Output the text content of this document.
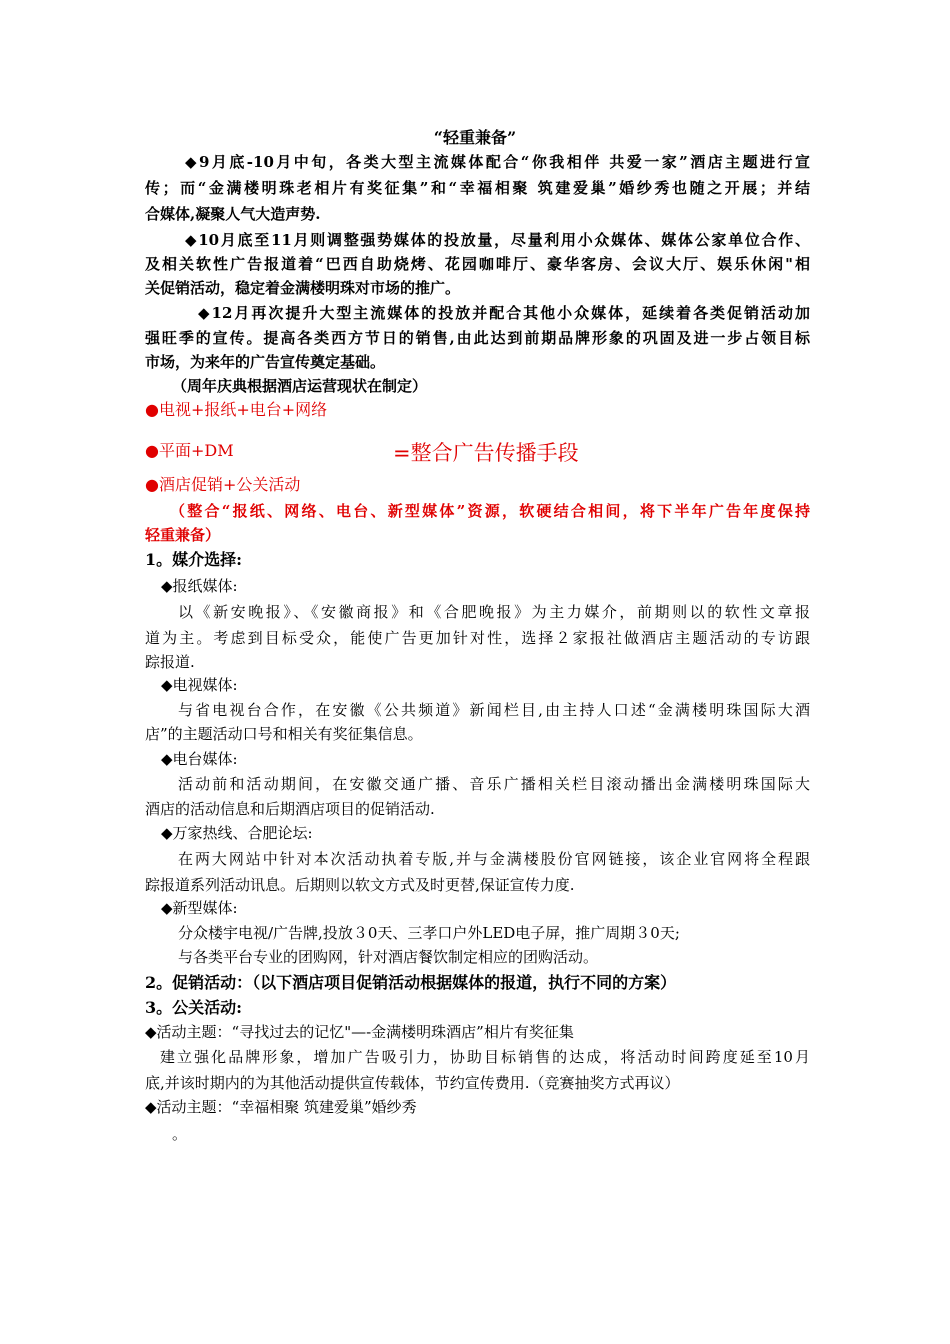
“轻重兼备”
◆9月底-10月中旬，各类大型主流媒体配合“你我相伴 共爱一家”酒店主题进行宣
传；而“金满楼明珠老相片有奖征集”和“幸福相聚 筑建爱巢”婚纱秀也随之开展；并结
合媒体,凝聚人气大造声势.
◆10月底至11月则调整强势媒体的投放量，尽量利用小众媒体、媒体公家单位合作、
及相关软性广告报道着“巴西自助烧烤、花园咖啡厅、豪华客房、会议大厅、娱乐休闲"相
关促销活动，稳定着金满楼明珠对市场的推广。
◆12月再次提升大型主流媒体的投放并配合其他小众媒体，延续着各类促销活动加
强旺季的宣传。提高各类西方节日的销售,由此达到前期品牌形象的巩固及进一步占领目标
市场，为来年的广告宣传奠定基础。
（周年庆典根据酒店运营现状在制定）
●电视+报纸+电台+网络
●平面+DM	=整合广告传播手段
●酒店促销+公关活动
（整合“报纸、网络、电台、新型媒体”资源，软硬结合相间，将下半年广告年度保持
轻重兼备）
1。媒介选择:
◆报纸媒体:
以《新安晚报》、《安徽商报》和《合肥晚报》为主力媒介，前期则以的软性文章报
道为主。考虑到目标受众，能使广告更加针对性，选择２家报社做酒店主题活动的专访跟
踪报道.
◆电视媒体:
与省电视台合作，在安徽《公共频道》新闻栏目,由主持人口述“金满楼明珠国际大酒
店”的主题活动口号和相关有奖征集信息。
◆电台媒体:
活动前和活动期间，在安徽交通广播、音乐广播相关栏目滚动播出金满楼明珠国际大
酒店的活动信息和后期酒店项目的促销活动.
◆万家热线、合肥论坛:
在两大网站中针对本次活动执着专版,并与金满楼股份官网链接，该企业官网将全程跟
踪报道系列活动讯息。后期则以软文方式及时更替,保证宣传力度.
◆新型媒体:
分众楼宇电视/广告牌,投放３0天、三孝口户外LED电子屏，推广周期３0天;
与各类平台专业的团购网，针对酒店餐饮制定相应的团购活动。
2。促销活动：（以下酒店项目促销活动根据媒体的报道，执行不同的方案）
3。公关活动:
◆活动主题：“寻找过去的记忆"—-金满楼明珠酒店”相片有奖征集
建立强化品牌形象，增加广告吸引力，协助目标销售的达成，将活动时间跨度延至10月
底,并该时期内的为其他活动提供宣传载体，节约宣传费用.（竞赛抽奖方式再议）
◆活动主题：“幸福相聚 筑建爱巢”婚纱秀
。
